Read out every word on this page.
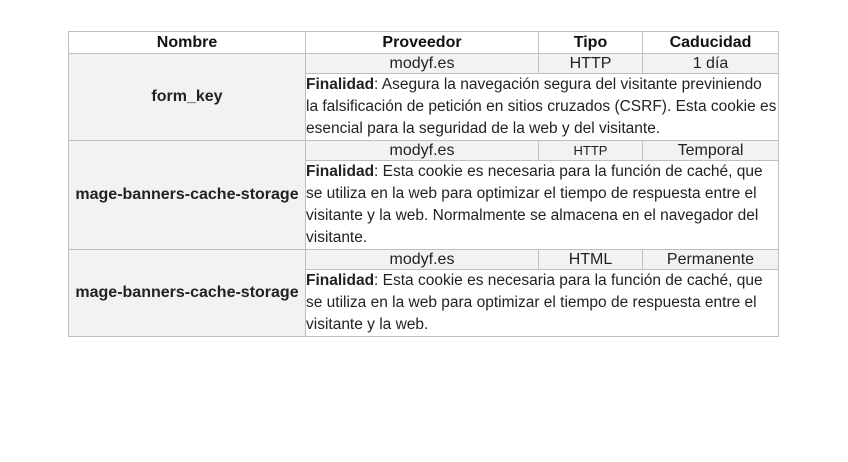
Nombre	Proveedor	Tipo	Caducidad
form_key	modyf.es	HTTP	1 día
	Finalidad: Asegura la navegación segura del visitante previniendo la falsificación de petición en sitios cruzados (CSRF). Esta cookie es esencial para la seguridad de la web y del visitante.		
mage-banners-cache-storage	modyf.es	HTTP	Temporal
	Finalidad: Esta cookie es necesaria para la función de caché, que se utiliza en la web para optimizar el tiempo de respuesta entre el visitante y la web. Normalmente se almacena en el navegador del visitante.		
mage-banners-cache-storage	modyf.es	HTML	Permanente
	Finalidad: Esta cookie es necesaria para la función de caché, que se utiliza en la web para optimizar el tiempo de respuesta entre el visitante y la web.		
